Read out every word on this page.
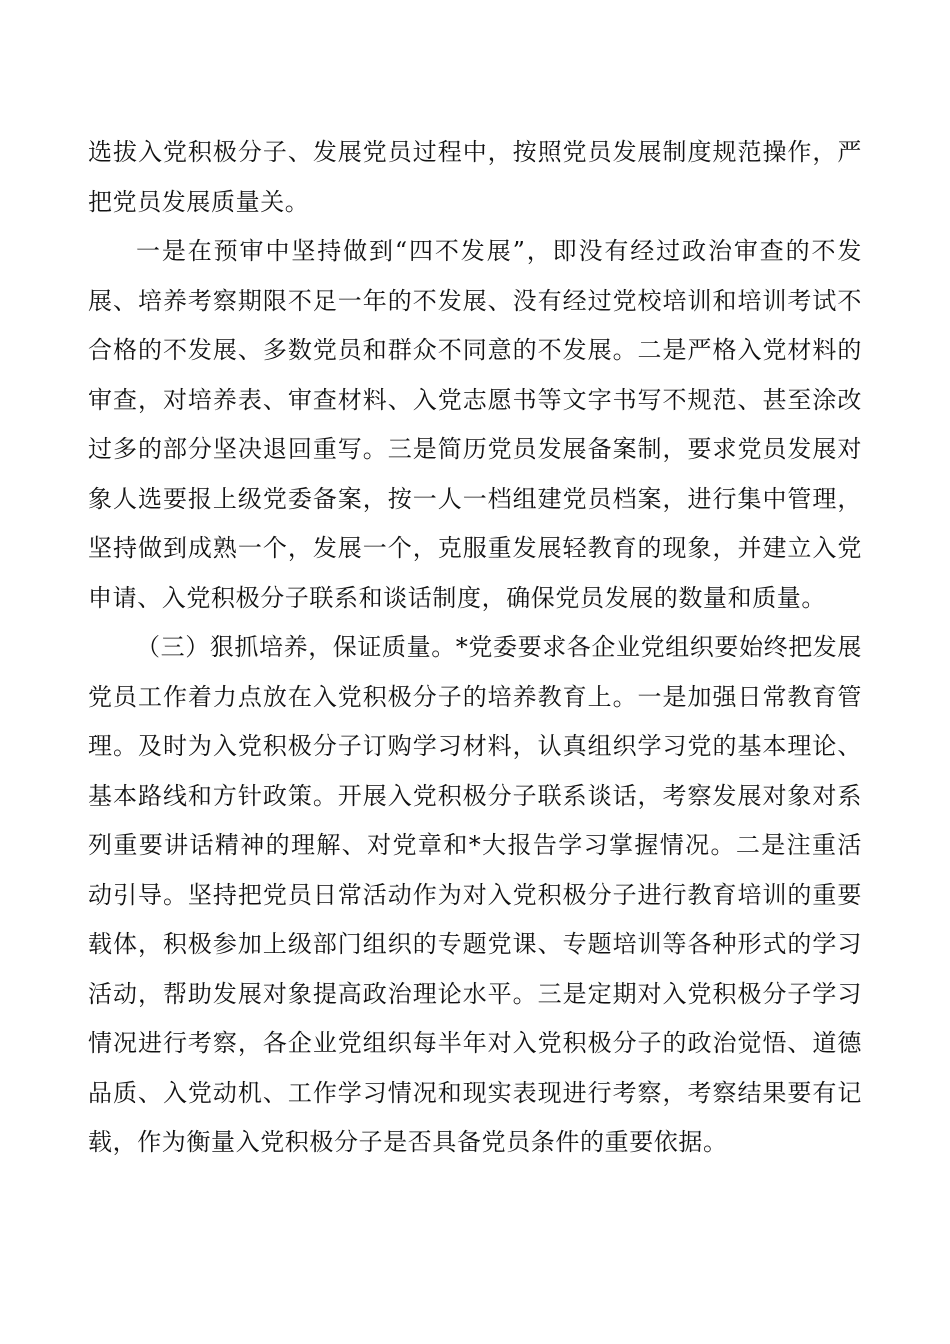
选拔入党积极分子、发展党员过程中，按照党员发展制度规范操作，严把党员发展质量关。

一是在预审中坚持做到“四不发展”，即没有经过政治审查的不发展、培养考察期限不足一年的不发展、没有经过党校培训和培训考试不合格的不发展、多数党员和群众不同意的不发展。二是严格入党材料的审查，对培养表、审查材料、入党志愿书等文字书写不规范、甚至涂改过多的部分坚决退回重写。三是简历党员发展备案制，要求党员发展对象人选要报上级党委备案，按一人一档组建党员档案，进行集中管理，坚持做到成熟一个，发展一个，克服重发展轻教育的现象，并建立入党申请、入党积极分子联系和谈话制度，确保党员发展的数量和质量。

（三）狠抓培养，保证质量。*党委要求各企业党组织要始终把发展党员工作着力点放在入党积极分子的培养教育上。一是加强日常教育管理。及时为入党积极分子订购学习材料，认真组织学习党的基本理论、基本路线和方针政策。开展入党积极分子联系谈话，考察发展对象对系列重要讲话精神的理解、对党章和*大报告学习掌握情况。二是注重活动引导。坚持把党员日常活动作为对入党积极分子进行教育培训的重要载体，积极参加上级部门组织的专题党课、专题培训等各种形式的学习活动，帮助发展对象提高政治理论水平。三是定期对入党积极分子学习情况进行考察，各企业党组织每半年对入党积极分子的政治觉悟、道德品质、入党动机、工作学习情况和现实表现进行考察，考察结果要有记载，作为衡量入党积极分子是否具备党员条件的重要依据。
